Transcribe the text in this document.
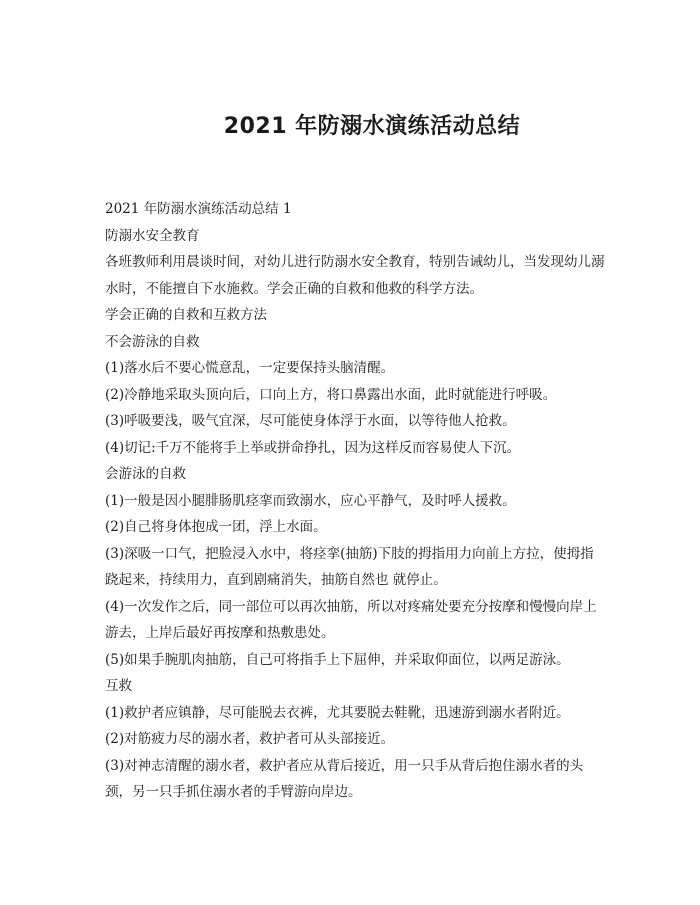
2021 年防溺水演练活动总结

2021 年防溺水演练活动总结 1

防溺水安全教育

各班教师利用晨谈时间，对幼儿进行防溺水安全教育，特别告诫幼儿，当发现幼儿溺水时，不能擅自下水施救。学会正确的自救和他救的科学方法。

学会正确的自救和互救方法

不会游泳的自救

(1)落水后不要心慌意乱，一定要保持头脑清醒。

(2)冷静地采取头顶向后，口向上方，将口鼻露出水面，此时就能进行呼吸。

(3)呼吸要浅，吸气宜深，尽可能使身体浮于水面，以等待他人抢救。

(4)切记:千万不能将手上举或拼命挣扎，因为这样反而容易使人下沉。

会游泳的自救

(1)一般是因小腿腓肠肌痉挛而致溺水，应心平静气，及时呼人援救。

(2)自己将身体抱成一团，浮上水面。

(3)深吸一口气，把脸浸入水中，将痉挛(抽筋)下肢的拇指用力向前上方拉，使拇指跷起来，持续用力，直到剧痛消失，抽筋自然也 就停止。

(4)一次发作之后，同一部位可以再次抽筋，所以对疼痛处要充分按摩和慢慢向岸上游去，上岸后最好再按摩和热敷患处。

(5)如果手腕肌肉抽筋，自己可将指手上下屈伸，并采取仰面位，以两足游泳。

互救

(1)救护者应镇静，尽可能脱去衣裤，尤其要脱去鞋靴，迅速游到溺水者附近。

(2)对筋疲力尽的溺水者，救护者可从头部接近。

(3)对神志清醒的溺水者，救护者应从背后接近，用一只手从背后抱住溺水者的头颈，另一只手抓住溺水者的手臂游向岸边。
